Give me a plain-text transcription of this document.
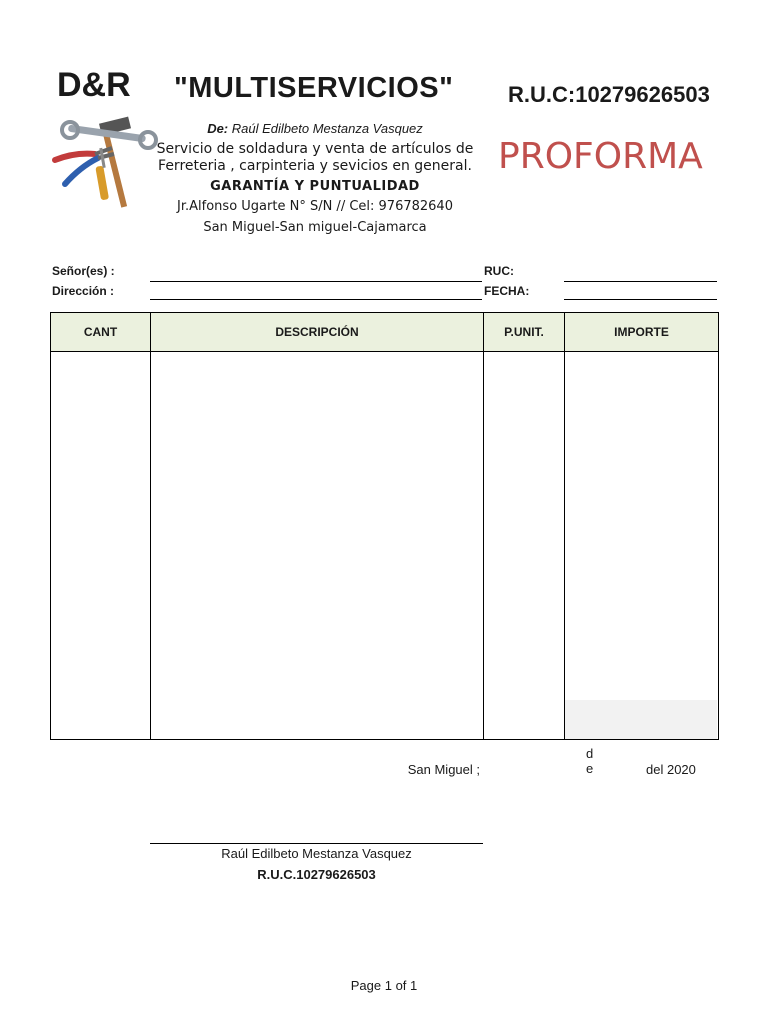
D&R "MULTISERVICIOS" R.U.C:10279626503
PROFORMA
De: Raúl Edilbeto Mestanza Vasquez
Servicio de soldadura y venta de artículos de
Ferreteria , carpinteria y sevicios en general.
GARANTÍA Y PUNTUALIDAD
Jr.Alfonso Ugarte N° S/N // Cel: 976782640
San Miguel-San miguel-Cajamarca
Señor(es) :	RUC:
Dirección :	FECHA:
CANT	DESCRIPCIÓN	P.UNIT.	IMPORTE

San Miguel ;
d e	del 2020
Raúl Edilbeto Mestanza Vasquez
R.U.C.10279626503
Page 1 of 1
